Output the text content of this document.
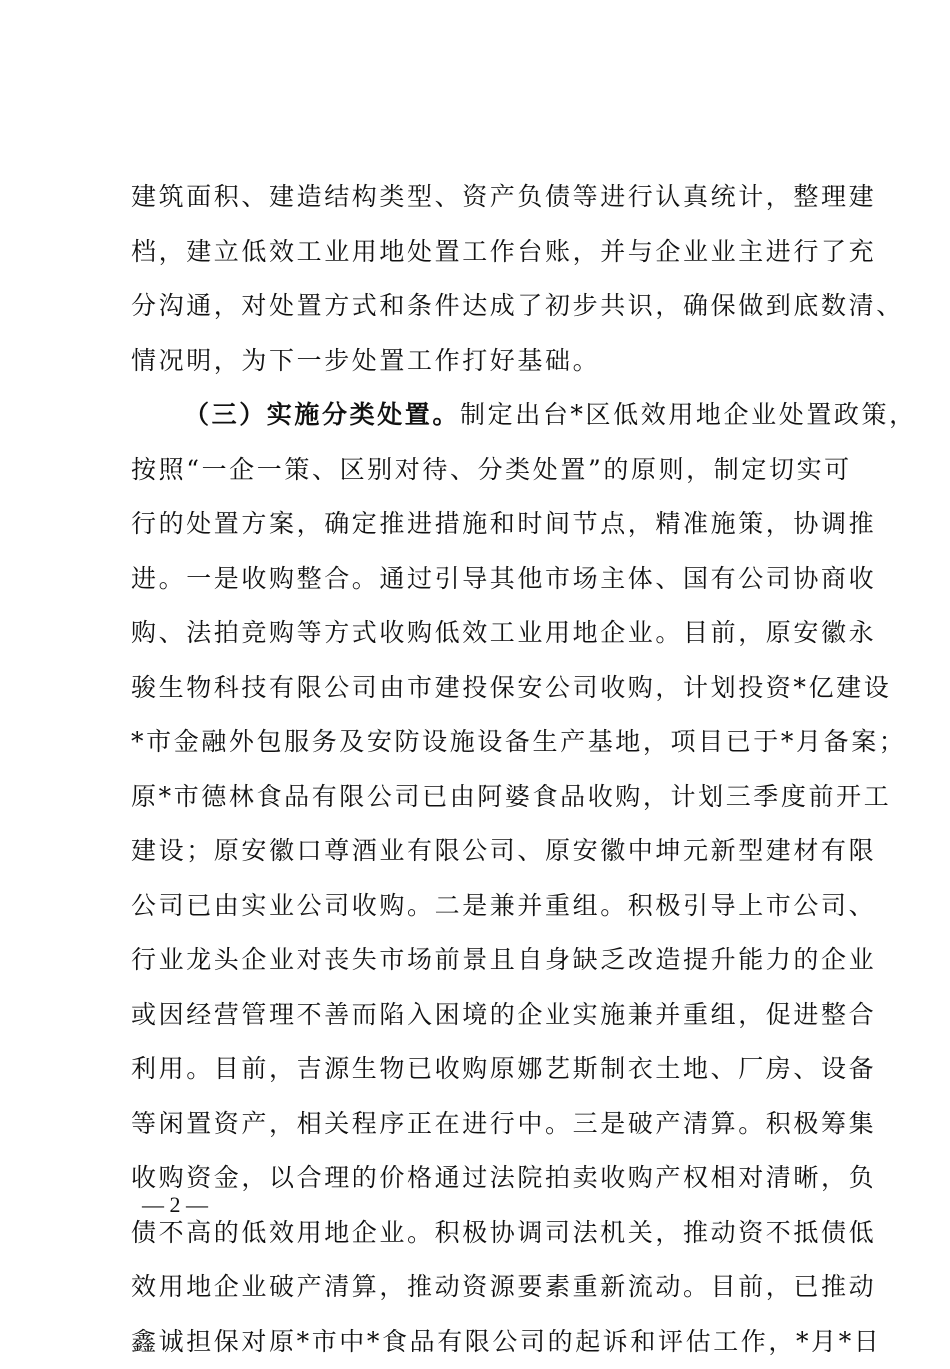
建筑面积、建造结构类型、资产负债等进行认真统计，整理建
档，建立低效工业用地处置工作台账，并与企业业主进行了充
分沟通，对处置方式和条件达成了初步共识，确保做到底数清、
情况明，为下一步处置工作打好基础。
（三）实施分类处置。制定出台*区低效用地企业处置政策，
按照“一企一策、区别对待、分类处置”的原则，制定切实可
行的处置方案，确定推进措施和时间节点，精准施策，协调推
进。一是收购整合。通过引导其他市场主体、国有公司协商收
购、法拍竞购等方式收购低效工业用地企业。目前，原安徽永
骏生物科技有限公司由市建投保安公司收购，计划投资*亿建设
*市金融外包服务及安防设施设备生产基地，项目已于*月备案；
原*市德林食品有限公司已由阿婆食品收购，计划三季度前开工
建设；原安徽口尊酒业有限公司、原安徽中坤元新型建材有限
公司已由实业公司收购。二是兼并重组。积极引导上市公司、
行业龙头企业对丧失市场前景且自身缺乏改造提升能力的企业
或因经营管理不善而陷入困境的企业实施兼并重组，促进整合
利用。目前，吉源生物已收购原娜艺斯制衣土地、厂房、设备
等闲置资产，相关程序正在进行中。三是破产清算。积极筹集
收购资金，以合理的价格通过法院拍卖收购产权相对清晰，负
债不高的低效用地企业。积极协调司法机关，推动资不抵债低
效用地企业破产清算，推动资源要素重新流动。目前，已推动
鑫诚担保对原*市中*食品有限公司的起诉和评估工作，*月*日
— 2 —
